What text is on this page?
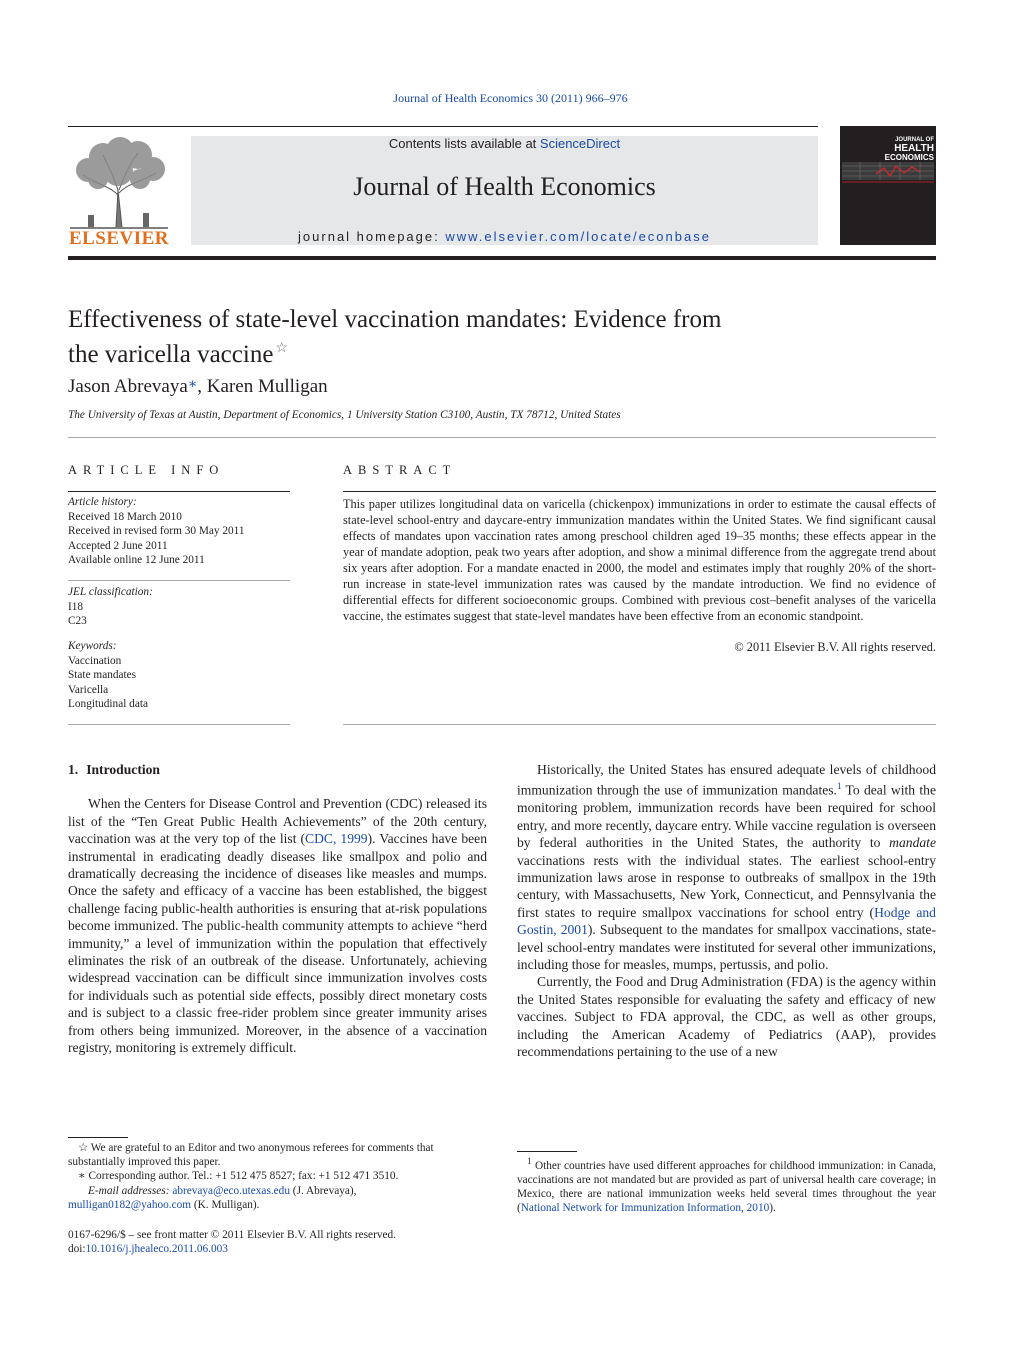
Journal of Health Economics 30 (2011) 966–976
ELSEVIER
Contents lists available at ScienceDirect
Journal of Health Economics
journal homepage: www.elsevier.com/locate/econbase
JOURNAL OF
HEALTH
ECONOMICS
Effectiveness of state-level vaccination mandates: Evidence from
the varicella vaccine ☆
Jason Abrevaya∗, Karen Mulligan
The University of Texas at Austin, Department of Economics, 1 University Station C3100, Austin, TX 78712, United States
ARTICLE INFO
Article history:
Received 18 March 2010
Received in revised form 30 May 2011
Accepted 2 June 2011
Available online 12 June 2011
JEL classification:
I18
C23
Keywords:
Vaccination
State mandates
Varicella
Longitudinal data
ABSTRACT
This paper utilizes longitudinal data on varicella (chickenpox) immunizations in order to estimate the causal effects of state-level school-entry and daycare-entry immunization mandates within the United States. We find significant causal effects of mandates upon vaccination rates among preschool children aged 19–35 months; these effects appear in the year of mandate adoption, peak two years after adoption, and show a minimal difference from the aggregate trend about six years after adoption. For a mandate enacted in 2000, the model and estimates imply that roughly 20% of the short-run increase in state-level immunization rates was caused by the mandate introduction. We find no evidence of differential effects for different socioeconomic groups. Combined with previous cost–benefit analyses of the varicella vaccine, the estimates suggest that state-level mandates have been effective from an economic standpoint.
© 2011 Elsevier B.V. All rights reserved.

1. Introduction

When the Centers for Disease Control and Prevention (CDC) released its list of the “Ten Great Public Health Achievements” of the 20th century, vaccination was at the very top of the list (CDC, 1999). Vaccines have been instrumental in eradicating deadly diseases like smallpox and polio and dramatically decreasing the incidence of diseases like measles and mumps. Once the safety and efficacy of a vaccine has been established, the biggest challenge facing public-health authorities is ensuring that at-risk populations become immunized. The public-health community attempts to achieve “herd immunity,” a level of immunization within the population that effectively eliminates the risk of an outbreak of the disease. Unfortunately, achieving widespread vaccination can be difficult since immunization involves costs for individuals such as potential side effects, possibly direct monetary costs and is subject to a classic free-rider problem since greater immunity arises from others being immunized. Moreover, in the absence of a vaccination registry, monitoring is extremely difficult.

Historically, the United States has ensured adequate levels of childhood immunization through the use of immunization mandates.$^1$ To deal with the monitoring problem, immunization records have been required for school entry, and more recently, daycare entry. While vaccine regulation is overseen by federal authorities in the United States, the authority to mandate vaccinations rests with the individual states. The earliest school-entry immunization laws arose in response to outbreaks of smallpox in the 19th century, with Massachusetts, New York, Connecticut, and Pennsylvania the first states to require smallpox vaccinations for school entry (Hodge and Gostin, 2001). Subsequent to the mandates for smallpox vaccinations, state-level school-entry mandates were instituted for several other immunizations, including those for measles, mumps, pertussis, and polio.

Currently, the Food and Drug Administration (FDA) is the agency within the United States responsible for evaluating the safety and efficacy of new vaccines. Subject to FDA approval, the CDC, as well as other groups, including the American Academy of Pediatrics (AAP), provides recommendations pertaining to the use of a new

☆ We are grateful to an Editor and two anonymous referees for comments that substantially improved this paper.
∗ Corresponding author. Tel.: +1 512 475 8527; fax: +1 512 471 3510.
E-mail addresses: abrevaya@eco.utexas.edu (J. Abrevaya),
mulligan0182@yahoo.com (K. Mulligan).
0167-6296/$ – see front matter © 2011 Elsevier B.V. All rights reserved.
doi:10.1016/j.jhealeco.2011.06.003
$^1$ Other countries have used different approaches for childhood immunization: in Canada, vaccinations are not mandated but are provided as part of universal health care coverage; in Mexico, there are national immunization weeks held several times throughout the year (National Network for Immunization Information, 2010).
